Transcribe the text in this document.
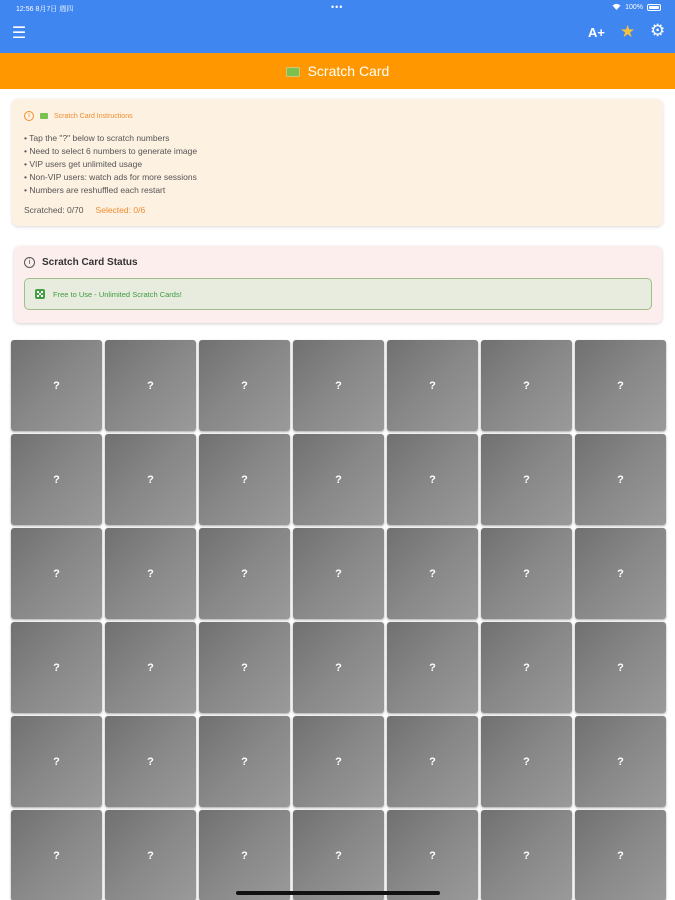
12:56 8月7日 週四	•••	100%
☰	A+ ★ ⚙
Scratch Card
i	Scratch Card Instructions
• Tap the "?" below to scratch numbers
• Need to select 6 numbers to generate image
• VIP users get unlimited usage
• Non-VIP users: watch ads for more sessions
• Numbers are reshuffled each restart
Scratched: 0/70 Selected: 0/6
i	Scratch Card Status
Free to Use - Unlimited Scratch Cards!
?	?	?	?	?	?	?
?	?	?	?	?	?	?
?	?	?	?	?	?	?
?	?	?	?	?	?	?
?	?	?	?	?	?	?
?	?	?	?	?	?	?
